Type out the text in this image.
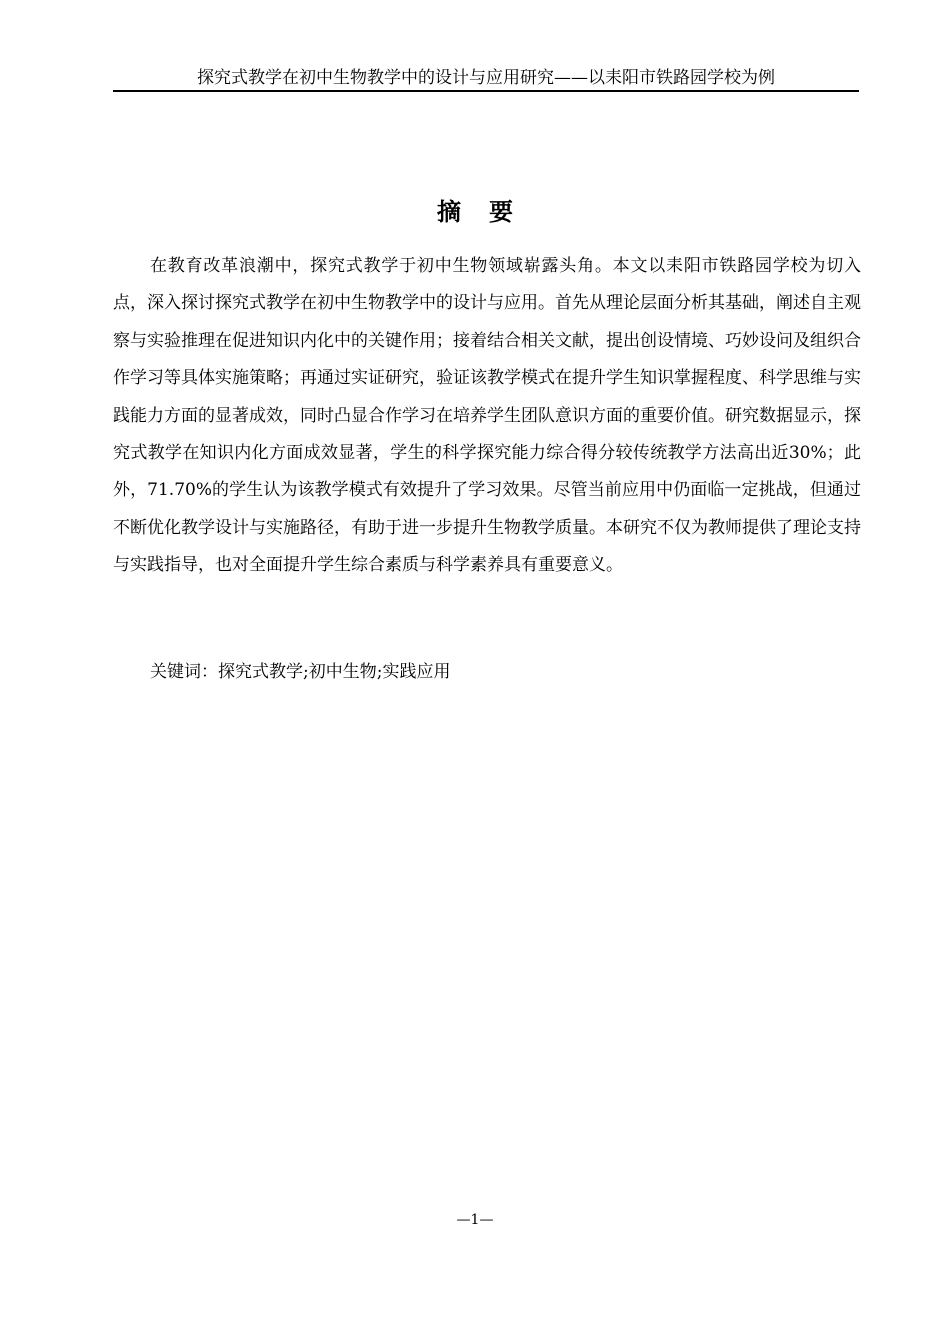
探究式教学在初中生物教学中的设计与应用研究——以耒阳市铁路园学校为例
摘 要

在教育改革浪潮中，探究式教学于初中生物领域崭露头角。本文以耒阳市铁路园学校为切入点，深入探讨探究式教学在初中生物教学中的设计与应用。首先从理论层面分析其基础，阐述自主观察与实验推理在促进知识内化中的关键作用；接着结合相关文献，提出创设情境、巧妙设问及组织合作学习等具体实施策略；再通过实证研究，验证该教学模式在提升学生知识掌握程度、科学思维与实践能力方面的显著成效，同时凸显合作学习在培养学生团队意识方面的重要价值。研究数据显示，探究式教学在知识内化方面成效显著，学生的科学探究能力综合得分较传统教学方法高出近30%；此外，71.70%的学生认为该教学模式有效提升了学习效果。尽管当前应用中仍面临一定挑战，但通过不断优化教学设计与实施路径，有助于进一步提升生物教学质量。本研究不仅为教师提供了理论支持与实践指导，也对全面提升学生综合素质与科学素养具有重要意义。

关键词：探究式教学;初中生物;实践应用
—1—
